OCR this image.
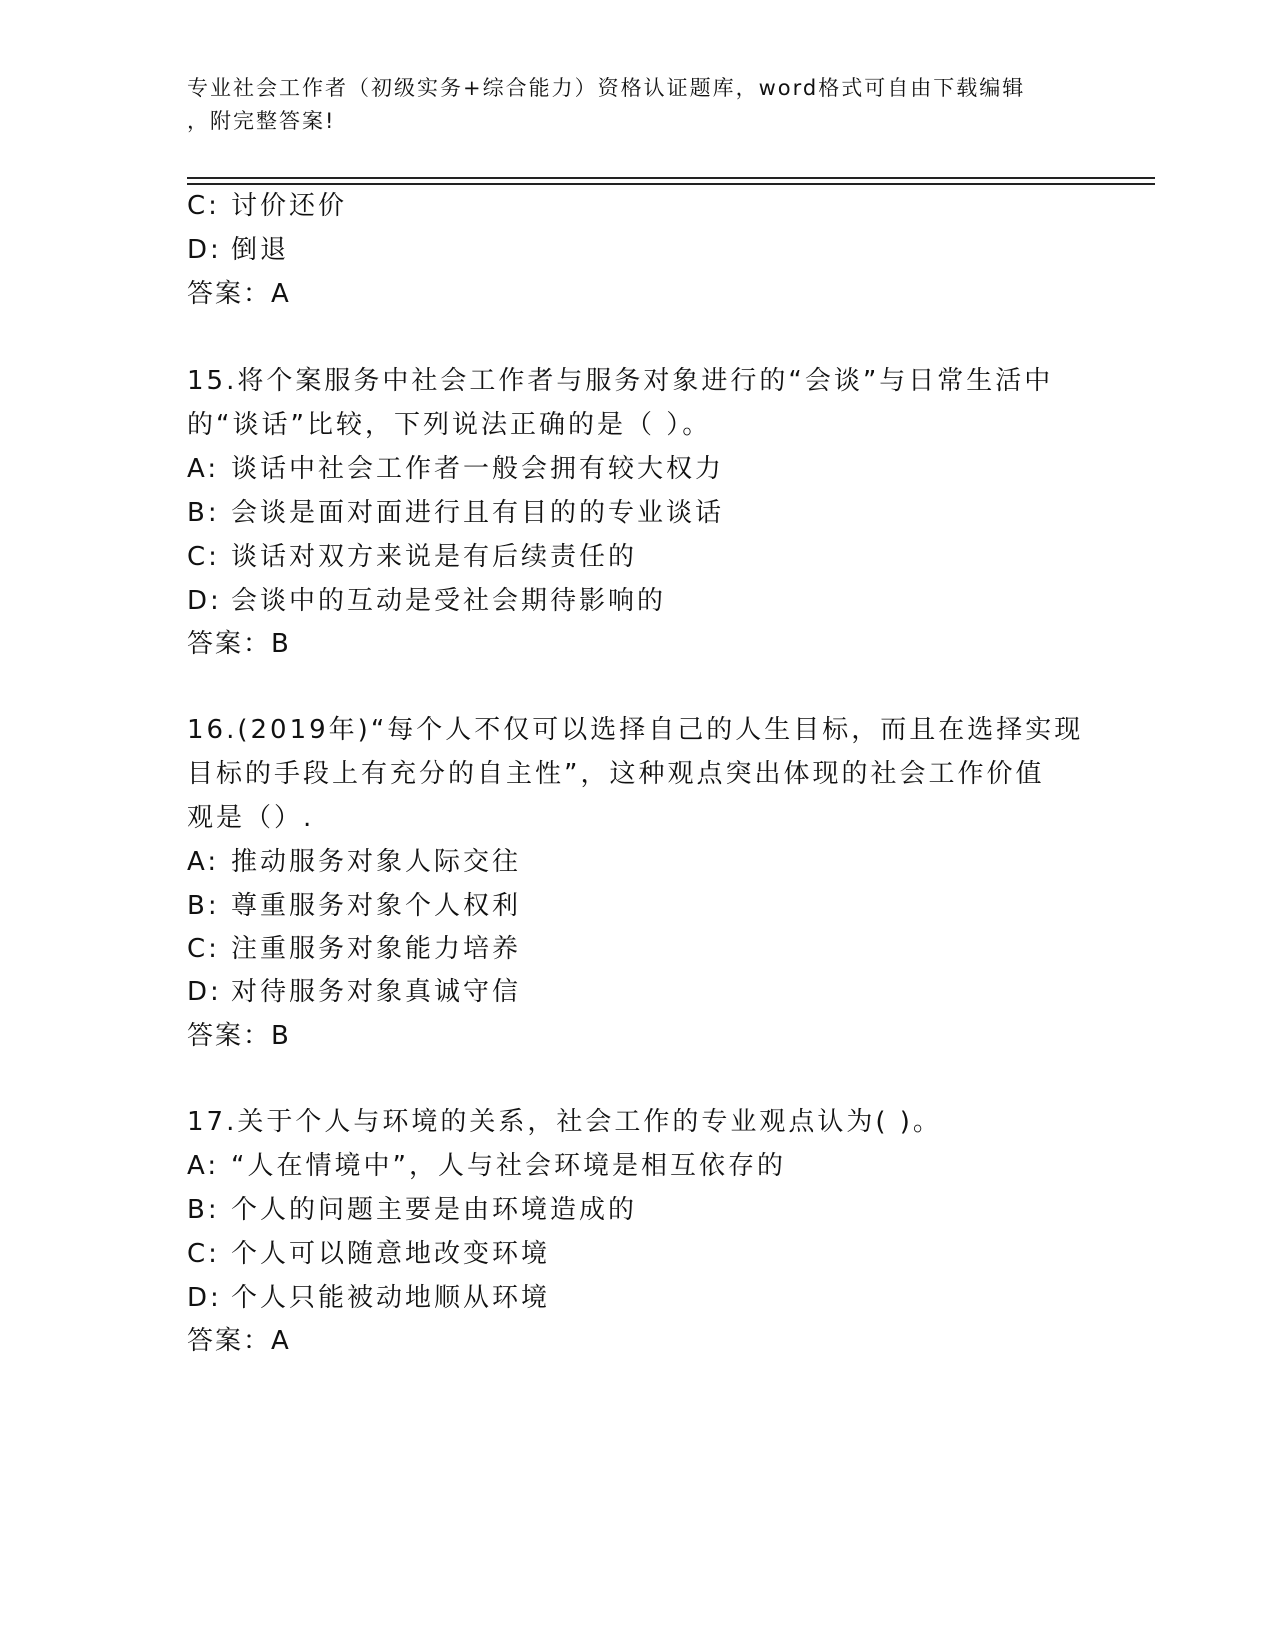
专业社会工作者（初级实务+综合能力）资格认证题库，word格式可自由下载编辑
，附完整答案!
C: 讨价还价
D: 倒退
答案：A
15.将个案服务中社会工作者与服务对象进行的“会谈”与日常生活中
的“谈话”比较，下列说法正确的是（ ）。
A: 谈话中社会工作者一般会拥有较大权力
B: 会谈是面对面进行且有目的的专业谈话
C: 谈话对双方来说是有后续责任的
D: 会谈中的互动是受社会期待影响的
答案：B
16.(2019年)“每个人不仅可以选择自己的人生目标，而且在选择实现
目标的手段上有充分的自主性”，这种观点突出体现的社会工作价值
观是（）.
A: 推动服务对象人际交往
B: 尊重服务对象个人权利
C: 注重服务对象能力培养
D: 对待服务对象真诚守信
答案：B
17.关于个人与环境的关系，社会工作的专业观点认为( )。
A: “人在情境中”，人与社会环境是相互依存的
B: 个人的问题主要是由环境造成的
C: 个人可以随意地改变环境
D: 个人只能被动地顺从环境
答案：A
